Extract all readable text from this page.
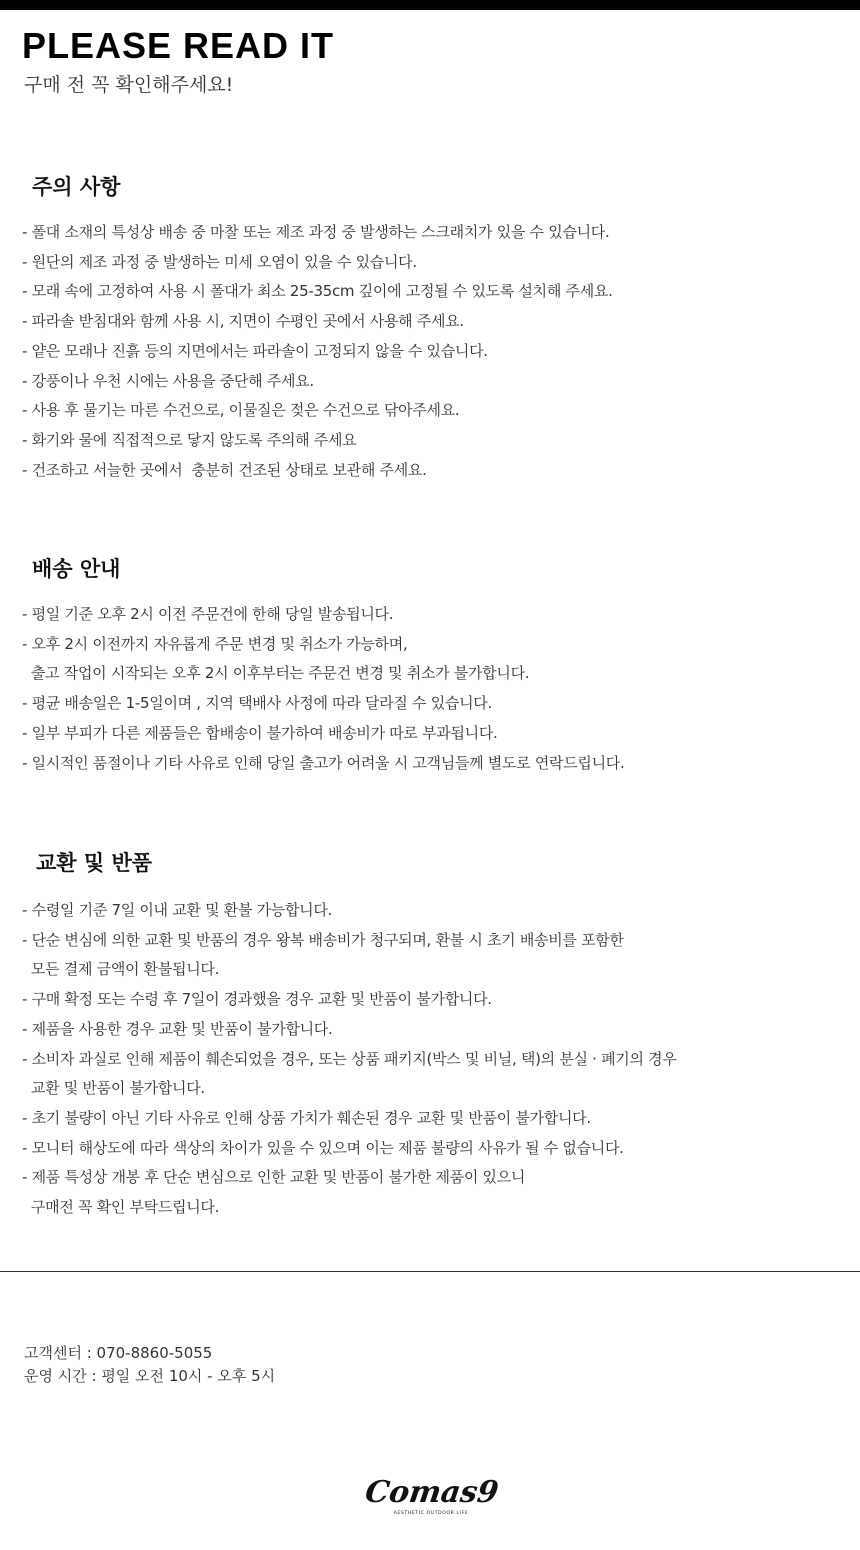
PLEASE READ IT
구매 전 꼭 확인해주세요!
주의 사항
- 폴대 소재의 특성상 배송 중 마찰 또는 제조 과정 중 발생하는 스크래치가 있을 수 있습니다.
- 원단의 제조 과정 중 발생하는 미세 오염이 있을 수 있습니다.
- 모래 속에 고정하여 사용 시 폴대가 최소 25-35cm 깊이에 고정될 수 있도록 설치해 주세요.
- 파라솔 받침대와 함께 사용 시, 지면이 수평인 곳에서 사용해 주세요.
- 얕은 모래나 진흙 등의 지면에서는 파라솔이 고정되지 않을 수 있습니다.
- 강풍이나 우천 시에는 사용을 중단해 주세요.
- 사용 후 물기는 마른 수건으로, 이물질은 젖은 수건으로 닦아주세요.
- 화기와 물에 직접적으로 닿지 않도록 주의해 주세요
- 건조하고 서늘한 곳에서  충분히 건조된 상태로 보관해 주세요.
배송 안내
- 평일 기준 오후 2시 이전 주문건에 한해 당일 발송됩니다.
- 오후 2시 이전까지 자유롭게 주문 변경 및 취소가 가능하며,
출고 작업이 시작되는 오후 2시 이후부터는 주문건 변경 및 취소가 불가합니다.
- 평균 배송일은 1-5일이며 , 지역 택배사 사정에 따라 달라질 수 있습니다.
- 일부 부피가 다른 제품들은 합배송이 불가하여 배송비가 따로 부과됩니다.
- 일시적인 품절이나 기타 사유로 인해 당일 출고가 어려울 시 고객님들께 별도로 연락드립니다.
교환 및 반품
- 수령일 기준 7일 이내 교환 및 환불 가능합니다.
- 단순 변심에 의한 교환 및 반품의 경우 왕복 배송비가 청구되며, 환불 시 초기 배송비를 포함한
모든 결제 금액이 환불됩니다.
- 구매 확정 또는 수령 후 7일이 경과했을 경우 교환 및 반품이 불가합니다.
- 제품을 사용한 경우 교환 및 반품이 불가합니다.
- 소비자 과실로 인해 제품이 훼손되었을 경우, 또는 상품 패키지(박스 및 비닐, 택)의 분실 · 폐기의 경우
교환 및 반품이 불가합니다.
- 초기 불량이 아닌 기타 사유로 인해 상품 가치가 훼손된 경우 교환 및 반품이 불가합니다.
- 모니터 해상도에 따라 색상의 차이가 있을 수 있으며 이는 제품 불량의 사유가 될 수 없습니다.
- 제품 특성상 개봉 후 단순 변심으로 인한 교환 및 반품이 불가한 제품이 있으니
구매전 꼭 확인 부탁드립니다.
고객센터 : 070-8860-5055
운영 시간 : 평일 오전 10시 - 오후 5시
Comas9
AESTHETIC OUTDOOR LIFE
